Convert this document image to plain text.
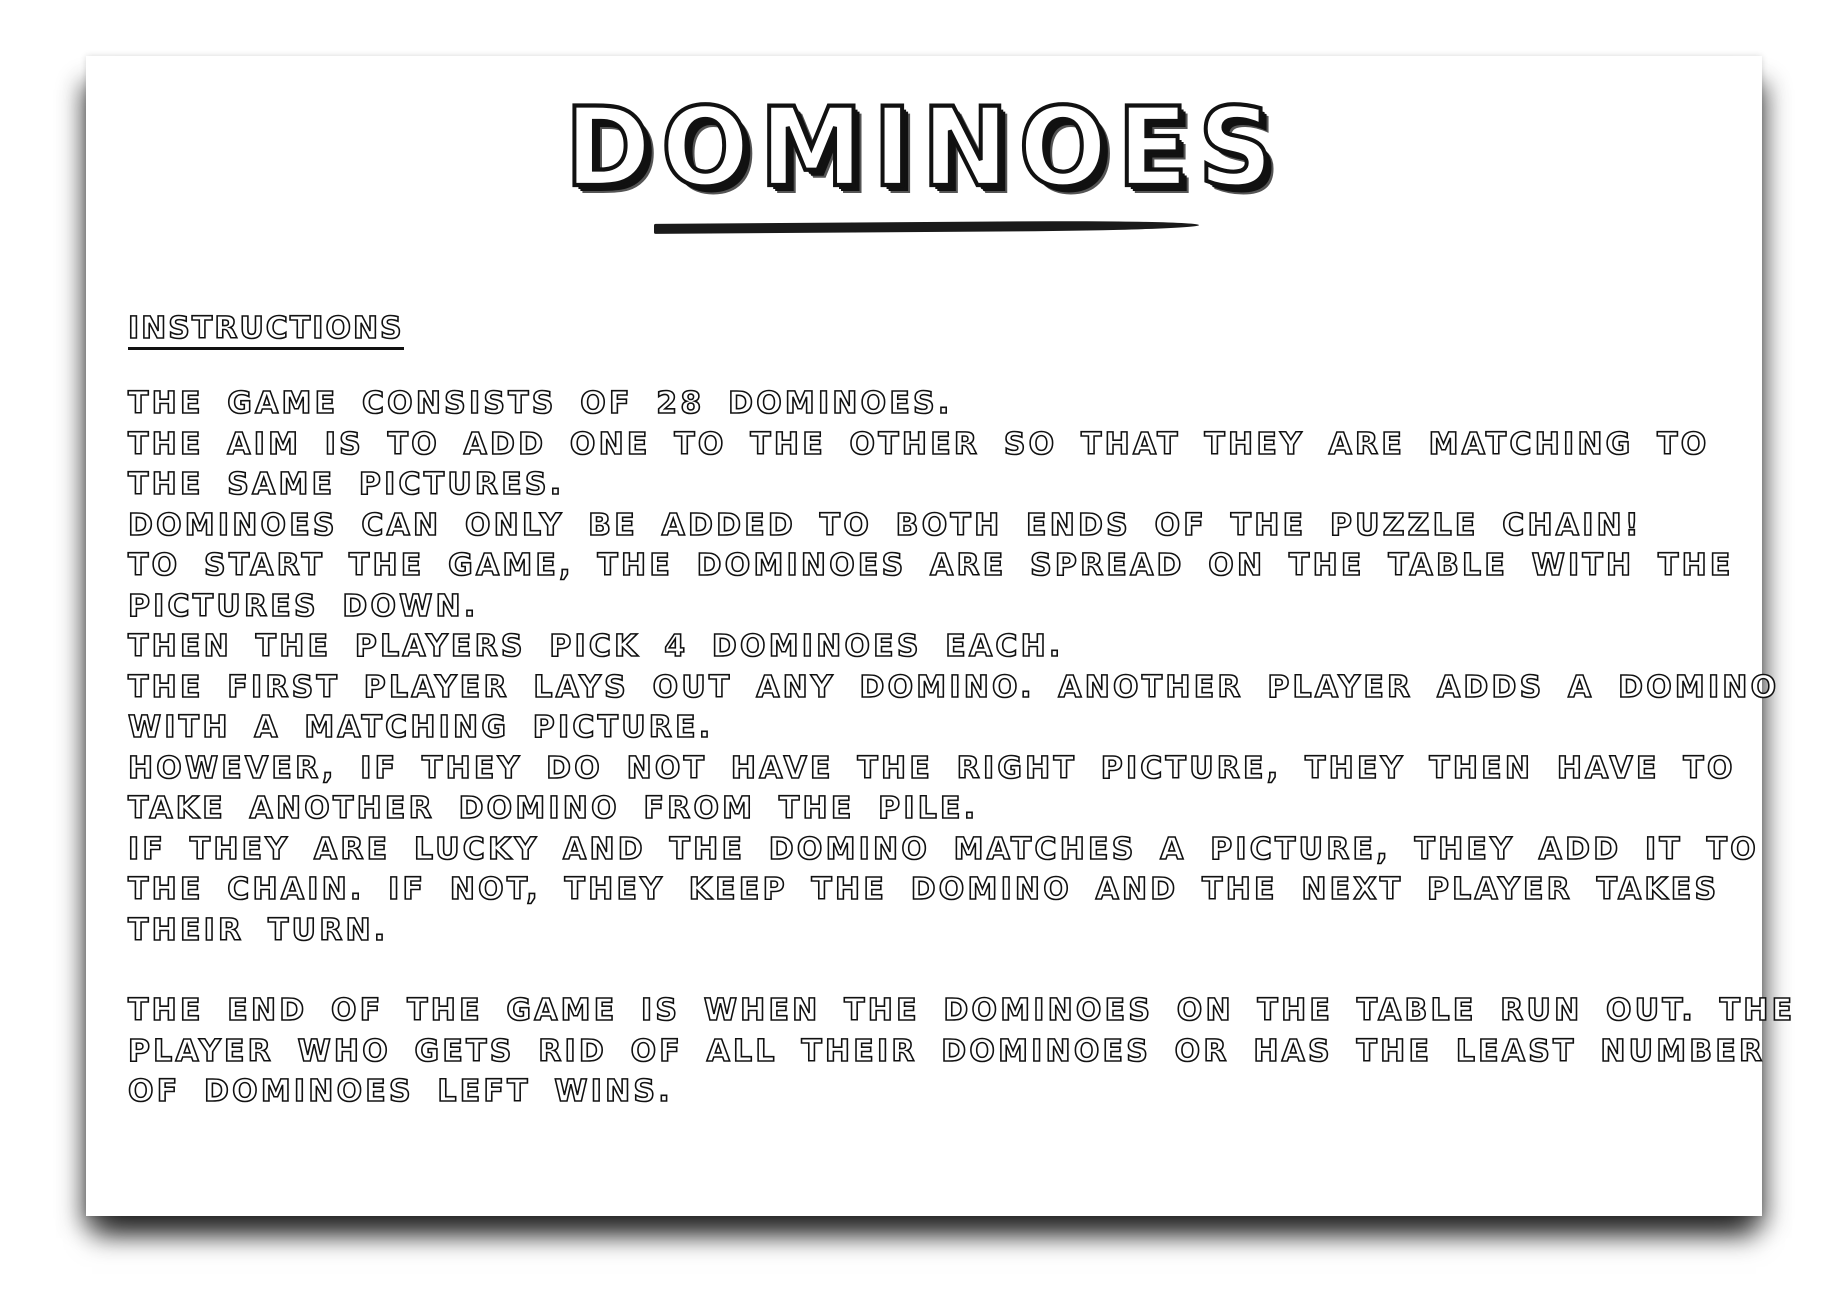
DOMINOES
INSTRUCTIONS
THE GAME CONSISTS OF 28 DOMINOES.
THE AIM IS TO ADD ONE TO THE OTHER SO THAT THEY ARE MATCHING TO
THE SAME PICTURES.
DOMINOES CAN ONLY BE ADDED TO BOTH ENDS OF THE PUZZLE CHAIN!
TO START THE GAME, THE DOMINOES ARE SPREAD ON THE TABLE WITH THE
PICTURES DOWN.
THEN THE PLAYERS PICK 4 DOMINOES EACH.
THE FIRST PLAYER LAYS OUT ANY DOMINO. ANOTHER PLAYER ADDS A DOMINO
WITH A MATCHING PICTURE.
HOWEVER, IF THEY DO NOT HAVE THE RIGHT PICTURE, THEY THEN HAVE TO
TAKE ANOTHER DOMINO FROM THE PILE.
IF THEY ARE LUCKY AND THE DOMINO MATCHES A PICTURE, THEY ADD IT TO
THE CHAIN. IF NOT, THEY KEEP THE DOMINO AND THE NEXT PLAYER TAKES
THEIR TURN.
THE END OF THE GAME IS WHEN THE DOMINOES ON THE TABLE RUN OUT. THE
PLAYER WHO GETS RID OF ALL THEIR DOMINOES OR HAS THE LEAST NUMBER
OF DOMINOES LEFT WINS.
